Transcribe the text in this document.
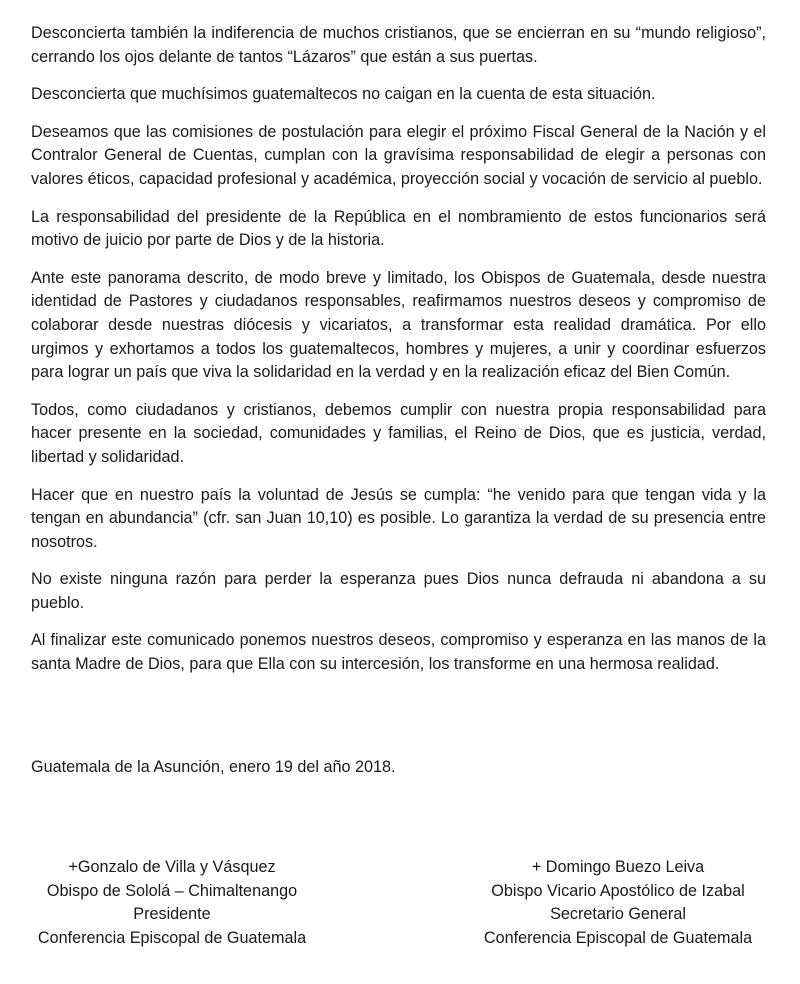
Desconcierta también la indiferencia de muchos cristianos, que se encierran en su “mundo religioso”, cerrando los ojos delante de tantos “Lázaros” que están a sus puertas.

Desconcierta que muchísimos guatemaltecos no caigan en la cuenta de esta situación.

Deseamos que las comisiones de postulación para elegir el próximo Fiscal General de la Nación y el Contralor General de Cuentas, cumplan con la gravísima responsabilidad de elegir a personas con valores éticos, capacidad profesional y académica, proyección social y vocación de servicio al pueblo.

La responsabilidad del presidente de la República en el nombramiento de estos funcionarios será motivo de juicio por parte de Dios y de la historia.

Ante este panorama descrito, de modo breve y limitado, los Obispos de Guatemala, desde nuestra identidad de Pastores y ciudadanos responsables, reafirmamos nuestros deseos y compromiso de colaborar desde nuestras diócesis y vicariatos, a transformar esta realidad dramática. Por ello urgimos y exhortamos a todos los guatemaltecos, hombres y mujeres, a unir y coordinar esfuerzos para lograr un país que viva la solidaridad en la verdad y en la realización eficaz del Bien Común.

Todos, como ciudadanos y cristianos, debemos cumplir con nuestra propia responsabilidad para hacer presente en la sociedad, comunidades y familias, el Reino de Dios, que es justicia, verdad, libertad y solidaridad.

Hacer que en nuestro país la voluntad de Jesús se cumpla: “he venido para que tengan vida y la tengan en abundancia” (cfr. san Juan 10,10) es posible. Lo garantiza la verdad de su presencia entre nosotros.

No existe ninguna razón para perder la esperanza pues Dios nunca defrauda ni abandona a su pueblo.

Al finalizar este comunicado ponemos nuestros deseos, compromiso y esperanza en las manos de la santa Madre de Dios, para que Ella con su intercesión, los transforme en una hermosa realidad.

Guatemala de la Asunción, enero 19 del año 2018.

+Gonzalo de Villa y Vásquez
Obispo de Sololá – Chimaltenango
Presidente
Conferencia Episcopal de Guatemala
+ Domingo Buezo Leiva
Obispo Vicario Apostólico de Izabal
Secretario General
Conferencia Episcopal de Guatemala
